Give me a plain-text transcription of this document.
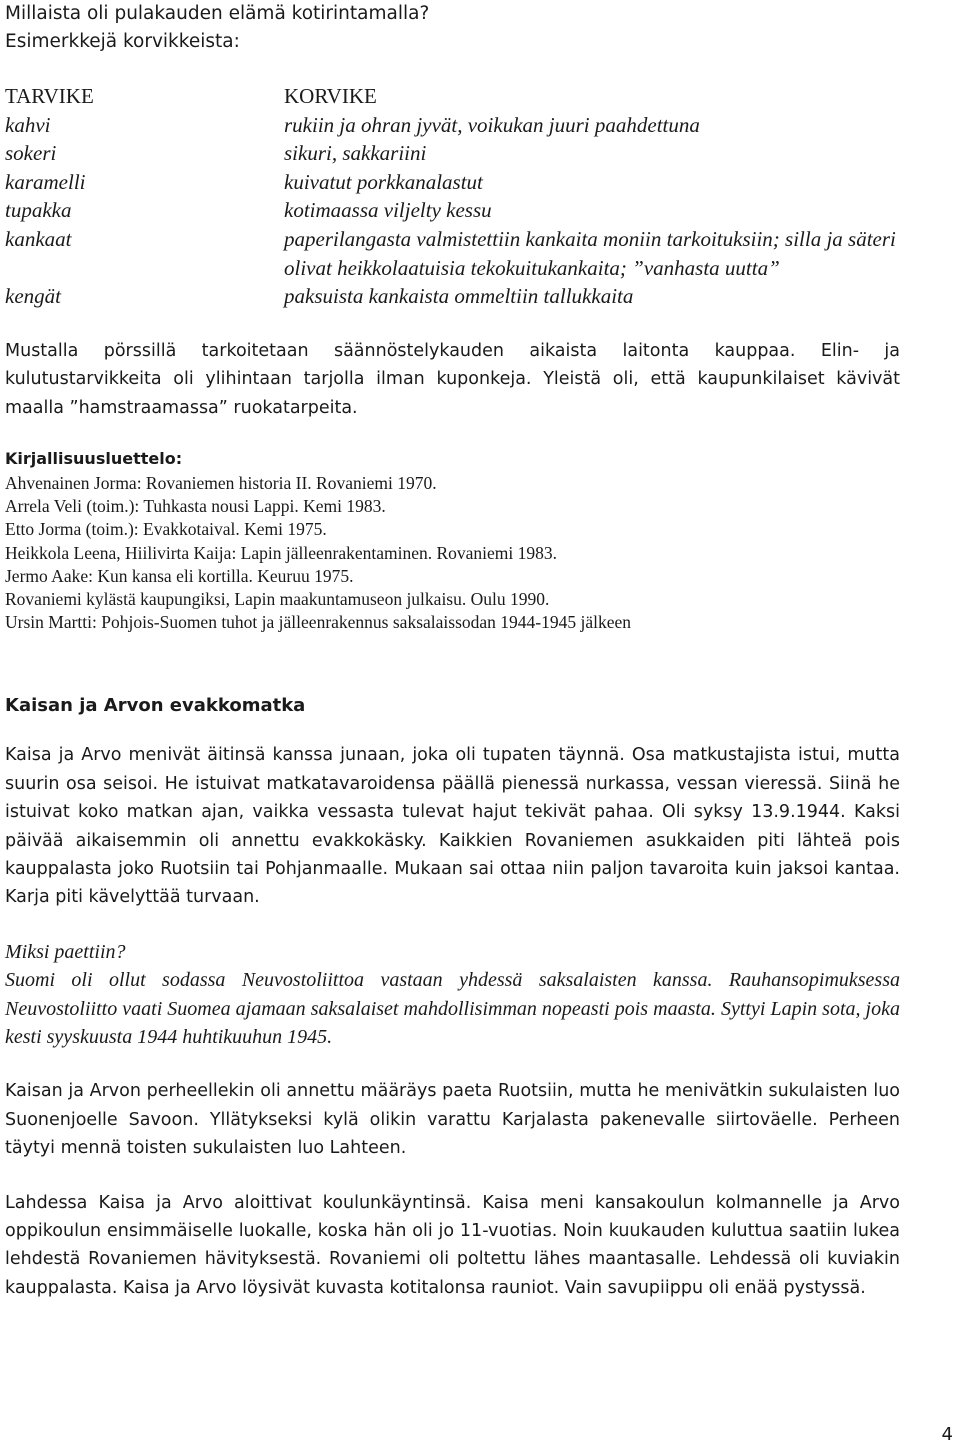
Millaista oli pulakauden elämä kotirintamalla?
Esimerkkejä korvikkeista:
TARVIKE	KORVIKE
kahvi	rukiin ja ohran jyvät, voikukan juuri paahdettuna
sokeri	sikuri, sakkariini
karamelli	kuivatut porkkanalastut
tupakka	kotimaassa viljelty kessu
kankaat	paperilangasta valmistettiin kankaita moniin tarkoituksiin; silla ja säteri olivat heikkolaatuisia tekokuitukankaita; ”vanhasta uutta”
kengät	paksuista kankaista ommeltiin tallukkaita

Mustalla pörssillä tarkoitetaan säännöstelykauden aikaista laitonta kauppaa. Elin- ja kulutustarvikkeita oli ylihintaan tarjolla ilman kuponkeja. Yleistä oli, että kaupunkilaiset kävivät maalla ”hamstraamassa” ruokatarpeita.

Kirjallisuusluettelo:
Ahvenainen Jorma: Rovaniemen historia II. Rovaniemi 1970.
Arrela Veli (toim.): Tuhkasta nousi Lappi. Kemi 1983.
Etto Jorma (toim.): Evakkotaival. Kemi 1975.
Heikkola Leena, Hiilivirta Kaija: Lapin jälleenrakentaminen. Rovaniemi 1983.
Jermo Aake: Kun kansa eli kortilla. Keuruu 1975.
Rovaniemi kylästä kaupungiksi, Lapin maakuntamuseon julkaisu. Oulu 1990.
Ursin Martti: Pohjois-Suomen tuhot ja jälleenrakennus saksalaissodan 1944-1945 jälkeen
Kaisan ja Arvon evakkomatka

Kaisa ja Arvo menivät äitinsä kanssa junaan, joka oli tupaten täynnä. Osa matkustajista istui, mutta suurin osa seisoi. He istuivat matkatavaroidensa päällä pienessä nurkassa, vessan vieressä. Siinä he istuivat koko matkan ajan, vaikka vessasta tulevat hajut tekivät pahaa. Oli syksy 13.9.1944. Kaksi päivää aikaisemmin oli annettu evakkokäsky. Kaikkien Rovaniemen asukkaiden piti lähteä pois kauppalasta joko Ruotsiin tai Pohjanmaalle. Mukaan sai ottaa niin paljon tavaroita kuin jaksoi kantaa. Karja piti kävelyttää turvaan.

Miksi paettiin?

Suomi oli ollut sodassa Neuvostoliittoa vastaan yhdessä saksalaisten kanssa. Rauhansopimuksessa Neuvostoliitto vaati Suomea ajamaan saksalaiset mahdollisimman nopeasti pois maasta. Syttyi Lapin sota, joka kesti syyskuusta 1944 huhtikuuhun 1945.

Kaisan ja Arvon perheellekin oli annettu määräys paeta Ruotsiin, mutta he menivätkin sukulaisten luo Suonenjoelle Savoon. Yllätykseksi kylä olikin varattu Karjalasta pakenevalle siirtoväelle. Perheen täytyi mennä toisten sukulaisten luo Lahteen.

Lahdessa Kaisa ja Arvo aloittivat koulunkäyntinsä. Kaisa meni kansakoulun kolmannelle ja Arvo oppikoulun ensimmäiselle luokalle, koska hän oli jo 11-vuotias. Noin kuukauden kuluttua saatiin lukea lehdestä Rovaniemen hävityksestä. Rovaniemi oli poltettu lähes maantasalle. Lehdessä oli kuviakin kauppalasta. Kaisa ja Arvo löysivät kuvasta kotitalonsa rauniot. Vain savupiippu oli enää pystyssä.

4
